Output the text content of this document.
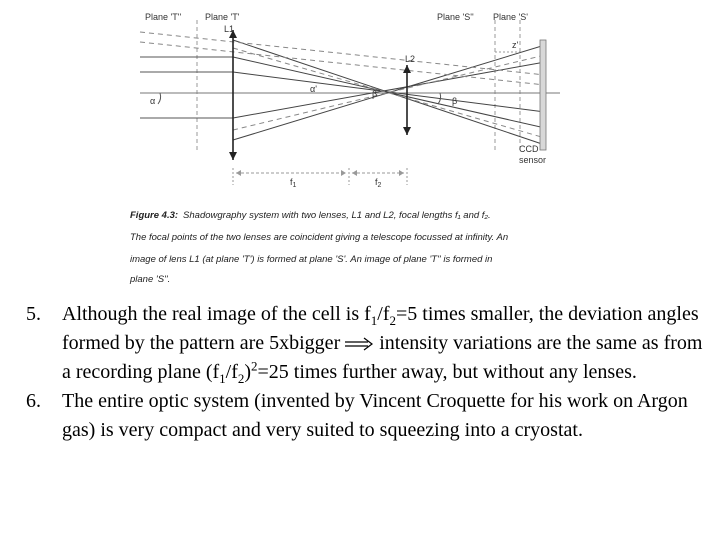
Plane 'T''	Plane 'T'	Plane 'S'' Plane 'S'
L1
L2
z'
α
α'	β
β
CCD
sensor
$f_1$	$f_2$
Figure 4.3: Shadowgraphy system with two lenses, L1 and L2, focal lengths f₁ and f₂.
The focal points of the two lenses are coincident giving a telescope focussed at infinity. An
image of lens L1 (at plane 'T') is formed at plane 'S'. An image of plane 'T'' is formed in
plane 'S''.
5. Although the real image of the cell is $f_1/f_2=5$ times smaller, the deviation angles formed by the pattern are 5xbigger intensity variations are the same as from a recording plane $(f_1/f_2)^2=25$ times further away, but without any lenses.
6. The entire optic system (invented by Vincent Croquette for his work on Argon gas) is very compact and very suited to squeezing into a cryostat.
